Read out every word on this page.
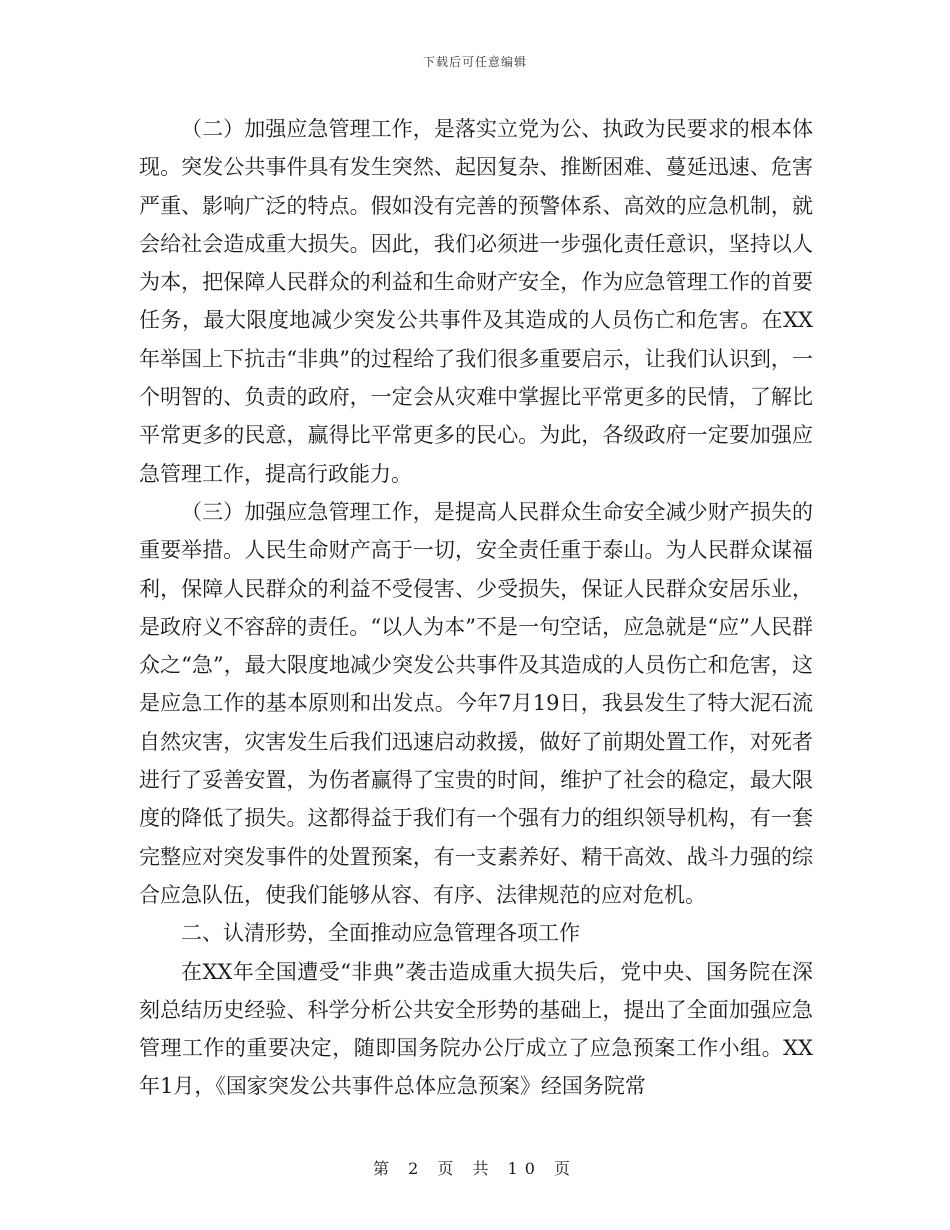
下载后可任意编辑

（二）加强应急管理工作，是落实立党为公、执政为民要求的根本体现。突发公共事件具有发生突然、起因复杂、推断困难、蔓延迅速、危害严重、影响广泛的特点。假如没有完善的预警体系、高效的应急机制，就会给社会造成重大损失。因此，我们必须进一步强化责任意识，坚持以人为本，把保障人民群众的利益和生命财产安全，作为应急管理工作的首要任务，最大限度地减少突发公共事件及其造成的人员伤亡和危害。在XX年举国上下抗击“非典”的过程给了我们很多重要启示，让我们认识到，一个明智的、负责的政府，一定会从灾难中掌握比平常更多的民情，了解比平常更多的民意，赢得比平常更多的民心。为此，各级政府一定要加强应急管理工作，提高行政能力。

（三）加强应急管理工作，是提高人民群众生命安全减少财产损失的重要举措。人民生命财产高于一切，安全责任重于泰山。为人民群众谋福利，保障人民群众的利益不受侵害、少受损失，保证人民群众安居乐业，是政府义不容辞的责任。“以人为本”不是一句空话，应急就是“应”人民群众之“急”，最大限度地减少突发公共事件及其造成的人员伤亡和危害，这是应急工作的基本原则和出发点。今年7月19日，我县发生了特大泥石流自然灾害，灾害发生后我们迅速启动救援，做好了前期处置工作，对死者进行了妥善安置，为伤者赢得了宝贵的时间，维护了社会的稳定，最大限度的降低了损失。这都得益于我们有一个强有力的组织领导机构，有一套完整应对突发事件的处置预案，有一支素养好、精干高效、战斗力强的综合应急队伍，使我们能够从容、有序、法律规范的应对危机。

二、认清形势，全面推动应急管理各项工作

在XX年全国遭受“非典”袭击造成重大损失后，党中央、国务院在深刻总结历史经验、科学分析公共安全形势的基础上，提出了全面加强应急管理工作的重要决定，随即国务院办公厅成立了应急预案工作小组。XX年1月，《国家突发公共事件总体应急预案》经国务院常

第 2 页 共 10 页
